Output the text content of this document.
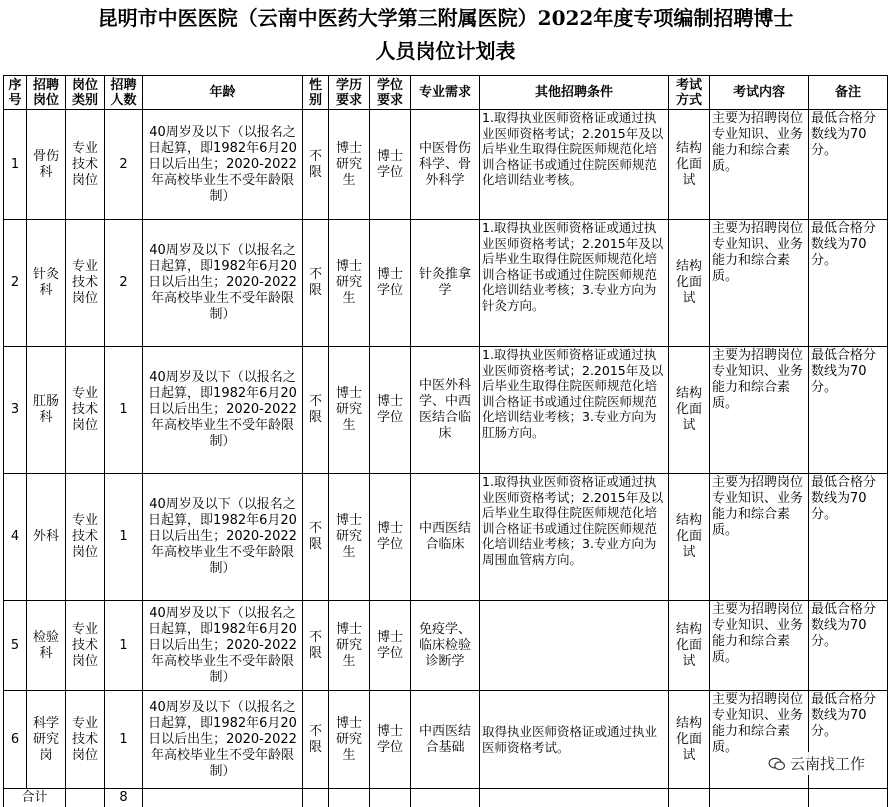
昆明市中医医院（云南中医药大学第三附属医院）2022年度专项编制招聘博士
人员岗位计划表
序号	招聘岗位	岗位类别	招聘人数	年龄	性别	学历要求	学位要求	专业需求	其他招聘条件	考试方式	考试内容	备注
1	骨伤科	专业技术岗位	2	40周岁及以下（以报名之日起算，即1982年6月20日以后出生；2020-2022年高校毕业生不受年龄限制）	不限	博士研究生	博士学位	中医骨伤科学、骨外科学	1.取得执业医师资格证或通过执业医师资格考试；2.2015年及以后毕业生取得住院医师规范化培训合格证书或通过住院医师规范化培训结业考核。	结构化面试	主要为招聘岗位专业知识、业务能力和综合素质。	最低合格分数线为70分。
2	针灸科	专业技术岗位	2	40周岁及以下（以报名之日起算，即1982年6月20日以后出生；2020-2022年高校毕业生不受年龄限制）	不限	博士研究生	博士学位	针灸推拿学	1.取得执业医师资格证或通过执业医师资格考试；2.2015年及以后毕业生取得住院医师规范化培训合格证书或通过住院医师规范化培训结业考核；3.专业方向为针灸方向。	结构化面试	主要为招聘岗位专业知识、业务能力和综合素质。	最低合格分数线为70分。
3	肛肠科	专业技术岗位	1	40周岁及以下（以报名之日起算，即1982年6月20日以后出生；2020-2022年高校毕业生不受年龄限制）	不限	博士研究生	博士学位	中医外科学、中西医结合临床	1.取得执业医师资格证或通过执业医师资格考试；2.2015年及以后毕业生取得住院医师规范化培训合格证书或通过住院医师规范化培训结业考核；3.专业方向为肛肠方向。	结构化面试	主要为招聘岗位专业知识、业务能力和综合素质。	最低合格分数线为70分。
4	外科	专业技术岗位	1	40周岁及以下（以报名之日起算，即1982年6月20日以后出生；2020-2022年高校毕业生不受年龄限制）	不限	博士研究生	博士学位	中西医结合临床	1.取得执业医师资格证或通过执业医师资格考试；2.2015年及以后毕业生取得住院医师规范化培训合格证书或通过住院医师规范化培训结业考核；3.专业方向为周围血管病方向。	结构化面试	主要为招聘岗位专业知识、业务能力和综合素质。	最低合格分数线为70分。
5	检验科	专业技术岗位	1	40周岁及以下（以报名之日起算，即1982年6月20日以后出生；2020-2022年高校毕业生不受年龄限制）	不限	博士研究生	博士学位	免疫学、临床检验诊断学		结构化面试	主要为招聘岗位专业知识、业务能力和综合素质。	最低合格分数线为70分。
6	科学研究岗	专业技术岗位	1	40周岁及以下（以报名之日起算，即1982年6月20日以后出生；2020-2022年高校毕业生不受年龄限制）	不限	博士研究生	博士学位	中西医结合基础	取得执业医师资格证或通过执业医师资格考试。	结构化面试	主要为招聘岗位专业知识、业务能力和综合素质。	最低合格分数线为70分。
合计			8									
云南找工作
